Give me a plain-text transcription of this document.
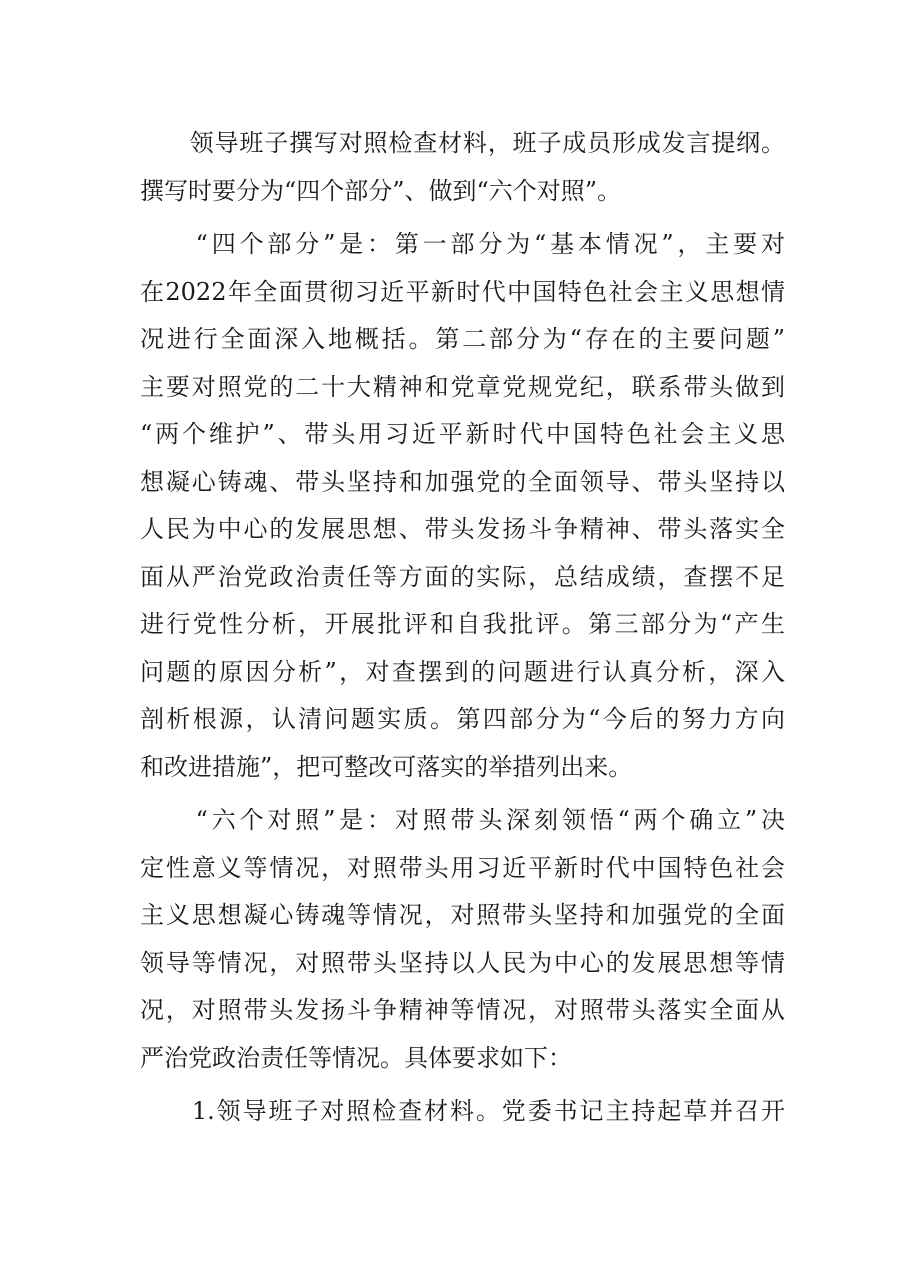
　　领导班子撰写对照检查材料，班子成员形成发言提纲。
撰写时要分为“四个部分”、做到“六个对照”。
　　“四个部分”是：第一部分为“基本情况”，主要对
在2022年全面贯彻习近平新时代中国特色社会主义思想情
况进行全面深入地概括。第二部分为“存在的主要问题”
主要对照党的二十大精神和党章党规党纪，联系带头做到
“两个维护”、带头用习近平新时代中国特色社会主义思
想凝心铸魂、带头坚持和加强党的全面领导、带头坚持以
人民为中心的发展思想、带头发扬斗争精神、带头落实全
面从严治党政治责任等方面的实际，总结成绩，查摆不足
进行党性分析，开展批评和自我批评。第三部分为“产生
问题的原因分析”，对查摆到的问题进行认真分析，深入
剖析根源，认清问题实质。第四部分为“今后的努力方向
和改进措施”，把可整改可落实的举措列出来。
　　“六个对照”是：对照带头深刻领悟“两个确立”决
定性意义等情况，对照带头用习近平新时代中国特色社会
主义思想凝心铸魂等情况，对照带头坚持和加强党的全面
领导等情况，对照带头坚持以人民为中心的发展思想等情
况，对照带头发扬斗争精神等情况，对照带头落实全面从
严治党政治责任等情况。具体要求如下：
　　1.领导班子对照检查材料。党委书记主持起草并召开
